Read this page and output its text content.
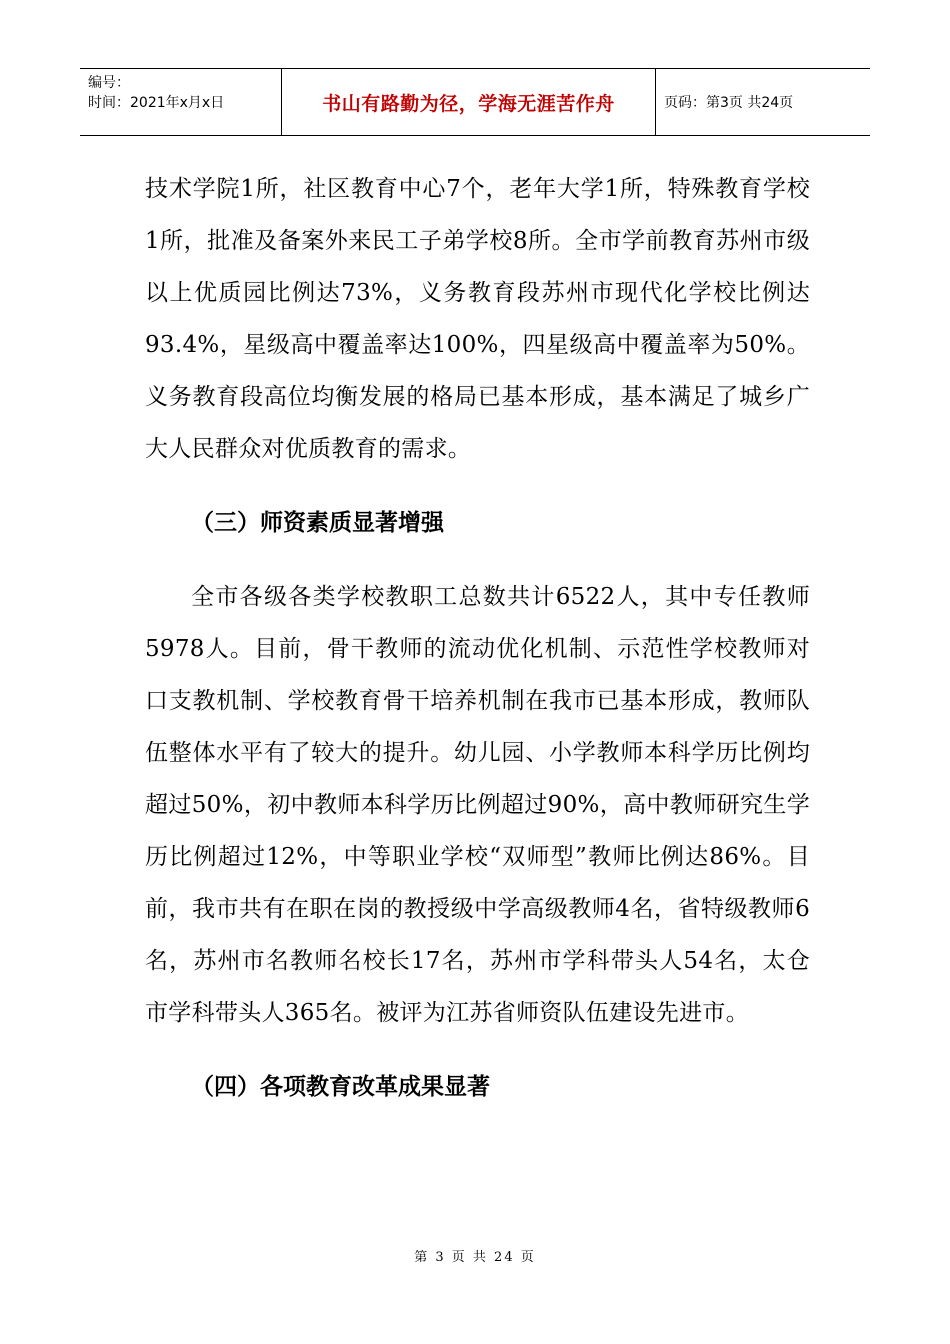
编号：
时间：2021年x月x日	书山有路勤为径，学海无涯苦作舟	页码：第3页 共24页

技术学院1所，社区教育中心7个，老年大学1所，特殊教育学校1所，批准及备案外来民工子弟学校8所。全市学前教育苏州市级以上优质园比例达73%，义务教育段苏州市现代化学校比例达93.4%，星级高中覆盖率达100%，四星级高中覆盖率为50%。义务教育段高位均衡发展的格局已基本形成，基本满足了城乡广大人民群众对优质教育的需求。

（三）师资素质显著增强

全市各级各类学校教职工总数共计6522人，其中专任教师5978人。目前，骨干教师的流动优化机制、示范性学校教师对口支教机制、学校教育骨干培养机制在我市已基本形成，教师队伍整体水平有了较大的提升。幼儿园、小学教师本科学历比例均超过50%，初中教师本科学历比例超过90%，高中教师研究生学历比例超过12%，中等职业学校“双师型”教师比例达86%。目前，我市共有在职在岗的教授级中学高级教师4名，省特级教师6名，苏州市名教师名校长17名，苏州市学科带头人54名，太仓市学科带头人365名。被评为江苏省师资队伍建设先进市。

（四）各项教育改革成果显著

第 3 页 共 24 页
